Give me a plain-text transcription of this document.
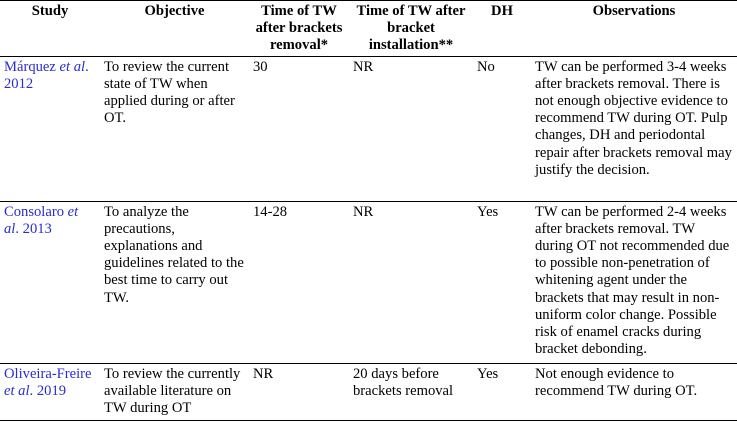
Study	Objective	Time of TW after brackets removal*	Time of TW after bracket installation**	DH	Observations
Márquez et al. 2012	To review the current state of TW when applied during or after OT.	30	NR	No	TW can be performed 3-4 weeks after brackets removal. There is not enough objective evidence to recommend TW during OT. Pulp changes, DH and periodontal repair after brackets removal may justify the decision.
Consolaro et al. 2013	To analyze the precautions, explanations and guidelines related to the best time to carry out TW.	14-28	NR	Yes	TW can be performed 2-4 weeks after brackets removal. TW during OT not recommended due to possible non-penetration of whitening agent under the brackets that may result in non-uniform color change. Possible risk of enamel cracks during bracket debonding.
Oliveira-Freire et al. 2019	To review the currently available literature on TW during OT	NR	20 days before brackets removal	Yes	Not enough evidence to recommend TW during OT.
